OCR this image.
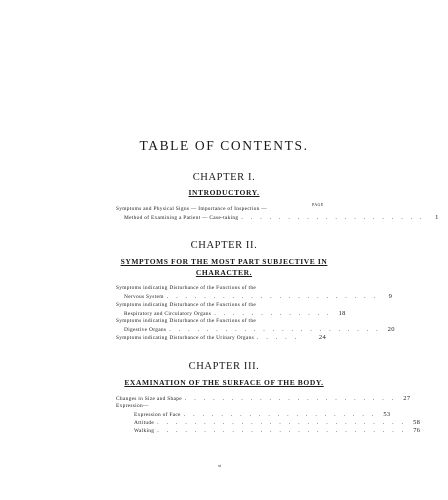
TABLE OF CONTENTS.
CHAPTER I.
INTRODUCTORY.
PAGE
Symptoms and Physical Signs — Importance of Inspection —
Method of Examining a Patient — Case-taking . . . . . . . . . . . . . . . . . . . .	1
CHAPTER II.
SYMPTOMS FOR THE MOST PART SUBJECTIVE IN
CHARACTER.
Symptoms indicating Disturbance of the Functions of the
Nervous System . . . . . . . . . . . . . . . . . . . . . . .	9
Symptoms indicating Disturbance of the Functions of the
Respiratory and Circulatory Organs . . . . . . . . . . . . .	18
Symptoms indicating Disturbance of the Functions of the
Digestive Organs . . . . . . . . . . . . . . . . . . . . . . .	20
Symptoms indicating Disturbance of the Urinary Organs . . . . .	24
CHAPTER III.
EXAMINATION OF THE SURFACE OF THE BODY.
Changes in Size and Shape . . . . . . . . . . . . . . . . . . . . . . .	27
Expression—
Expression of Face . . . . . . . . . . . . . . . . . . . . .	53
Attitude . . . . . . . . . . . . . . . . . . . . . . . . . . .	58
Walking . . . . . . . . . . . . . . . . . . . . . . . . . . .	76
xi
